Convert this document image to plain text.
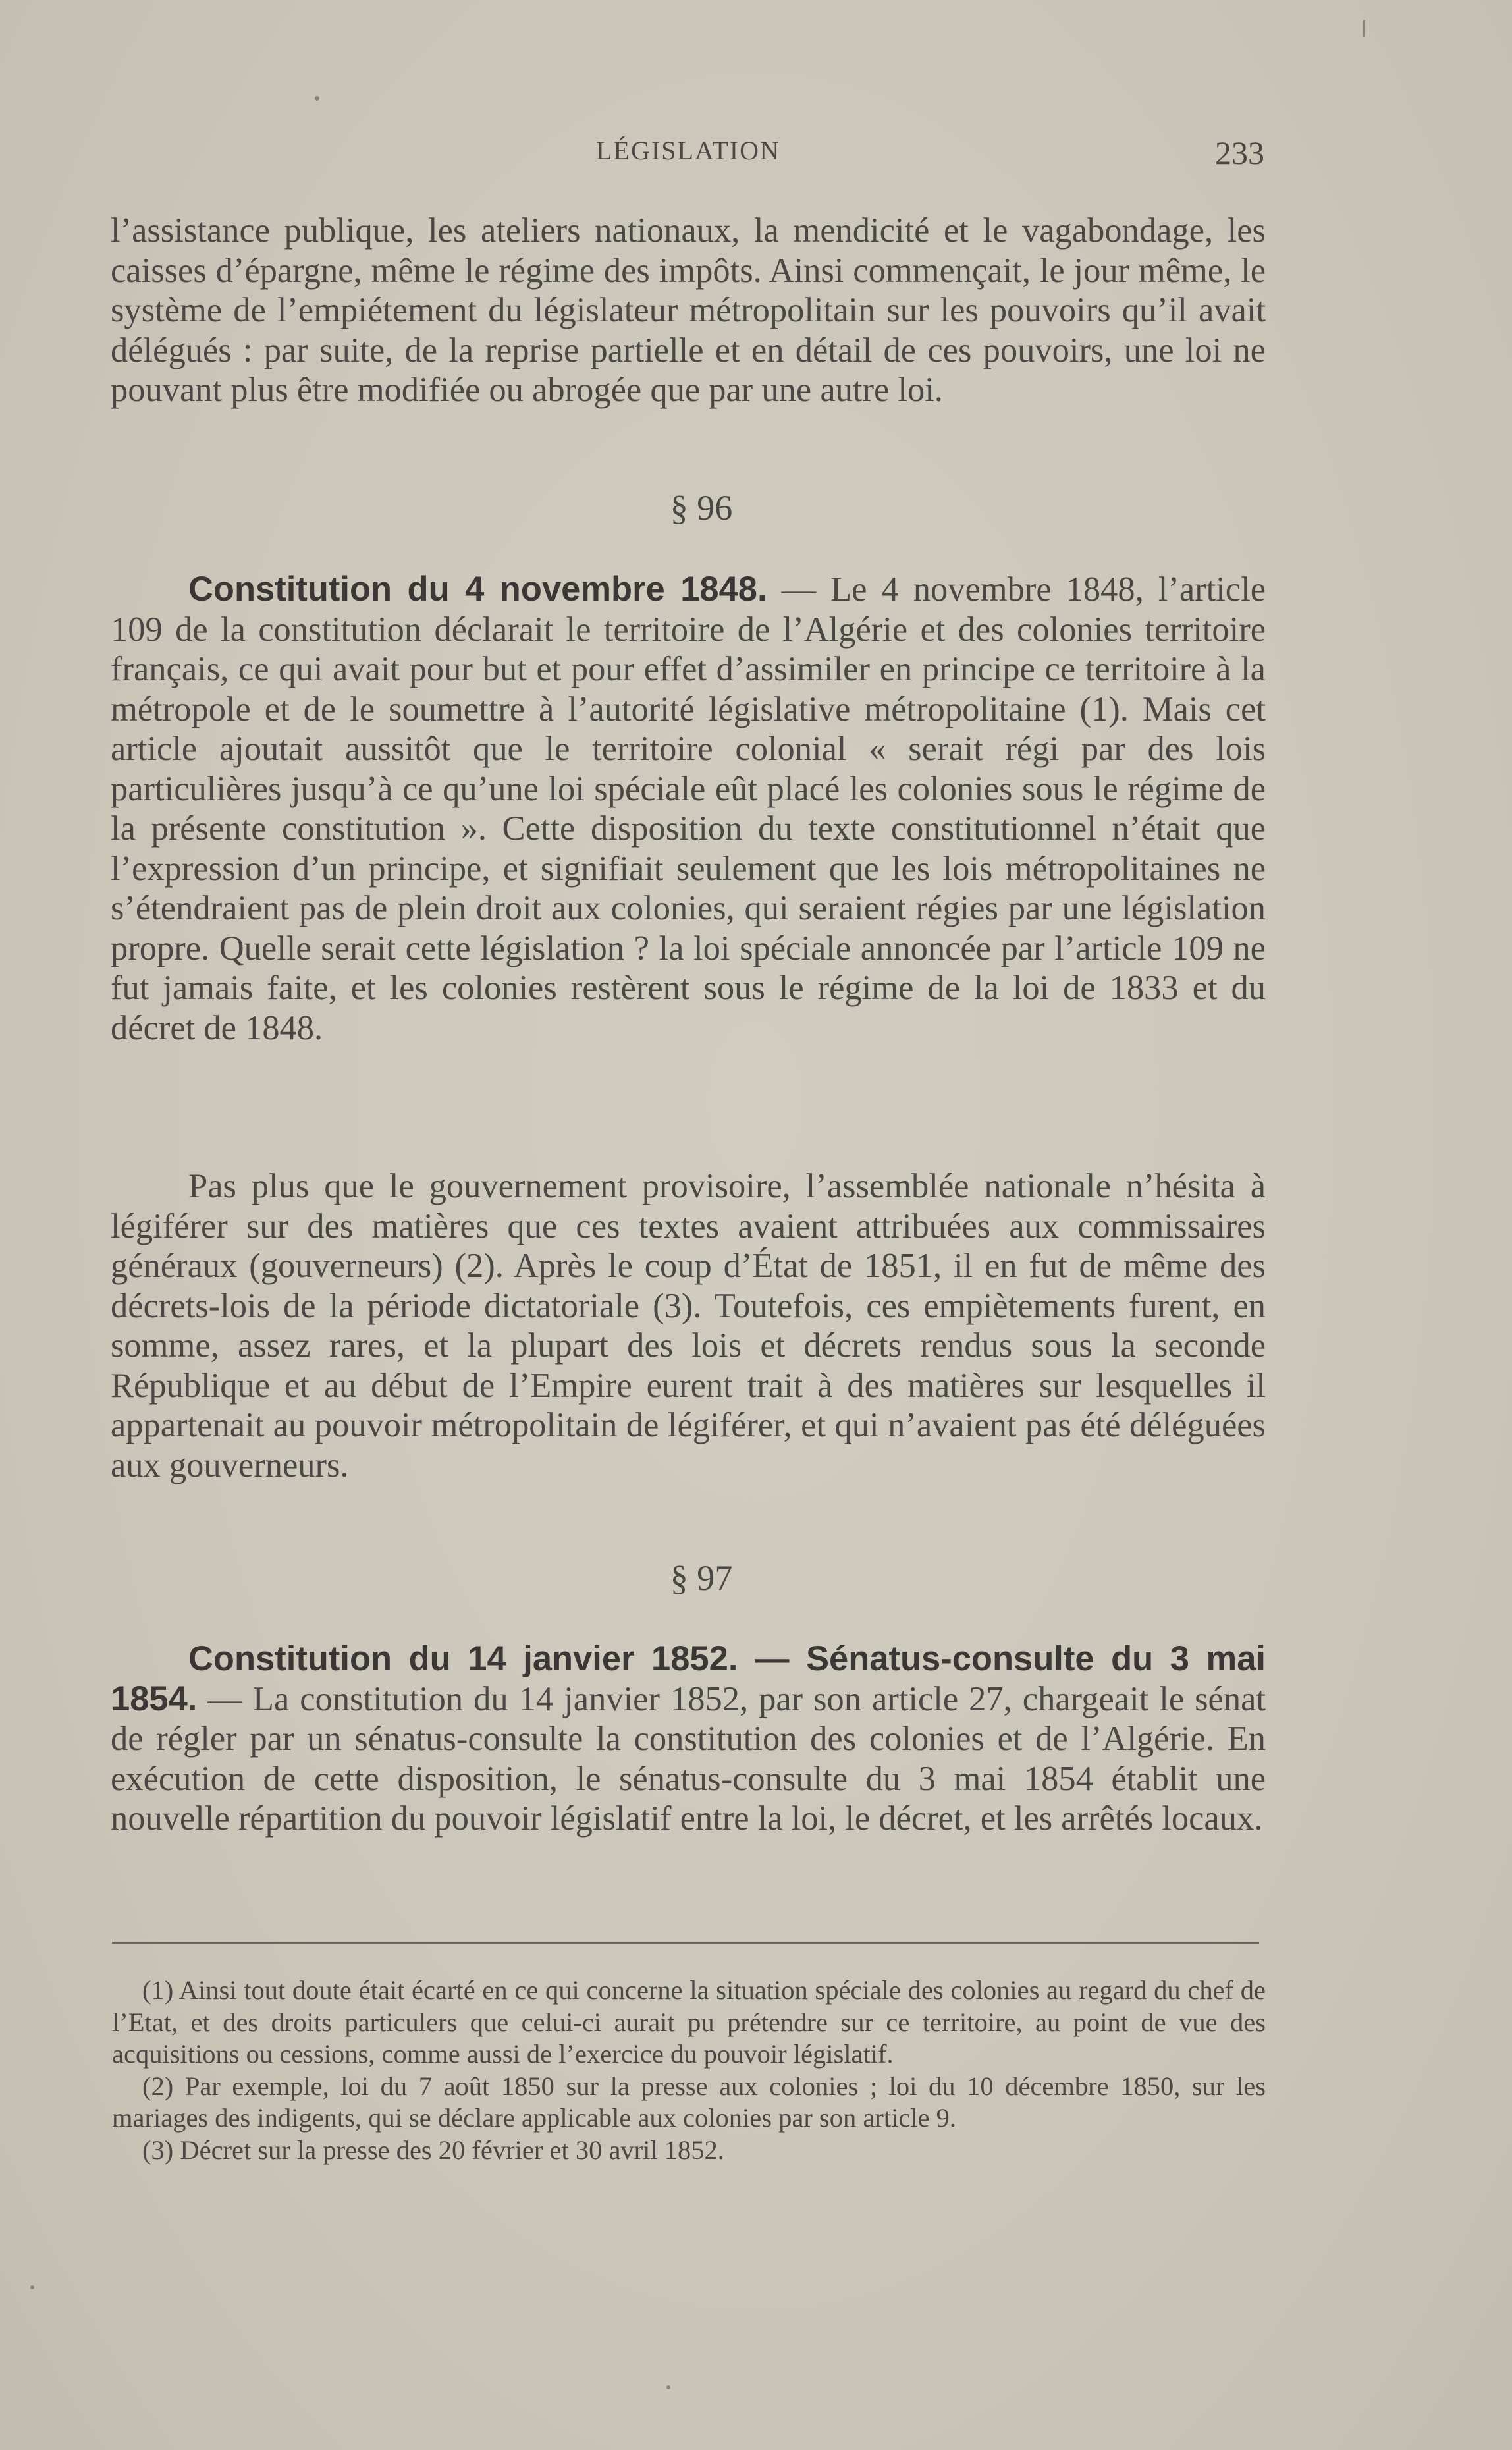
LÉGISLATION	233

l’assistance publique, les ateliers nationaux, la mendicité et le vagabondage, les caisses d’épargne, même le régime des impôts. Ainsi commençait, le jour même, le système de l’empiétement du législateur métropolitain sur les pouvoirs qu’il avait délégués : par suite, de la reprise partielle et en détail de ces pouvoirs, une loi ne pouvant plus être modifiée ou abrogée que par une autre loi.

§ 96

Constitution du 4 novembre 1848. — Le 4 novembre 1848, l’article 109 de la constitution déclarait le territoire de l’Algérie et des colonies territoire français, ce qui avait pour but et pour effet d’assimiler en principe ce territoire à la métropole et de le soumettre à l’autorité législative métropolitaine (1). Mais cet article ajoutait aussitôt que le territoire colonial « serait régi par des lois particulières jusqu’à ce qu’une loi spéciale eût placé les colonies sous le régime de la présente constitution ». Cette disposition du texte constitutionnel n’était que l’expression d’un principe, et signifiait seulement que les lois métropolitaines ne s’étendraient pas de plein droit aux colonies, qui seraient régies par une législation propre. Quelle serait cette législation ? la loi spéciale annoncée par l’article 109 ne fut jamais faite, et les colonies restèrent sous le régime de la loi de 1833 et du décret de 1848.

Pas plus que le gouvernement provisoire, l’assemblée nationale n’hésita à légiférer sur des matières que ces textes avaient attribuées aux commissaires généraux (gouverneurs) (2). Après le coup d’État de 1851, il en fut de même des décrets-lois de la période dictatoriale (3). Toutefois, ces empiètements furent, en somme, assez rares, et la plupart des lois et décrets rendus sous la seconde République et au début de l’Empire eurent trait à des matières sur lesquelles il appartenait au pouvoir métropolitain de légiférer, et qui n’avaient pas été déléguées aux gouverneurs.

§ 97

Constitution du 14 janvier 1852. — Sénatus-consulte du 3 mai 1854. — La constitution du 14 janvier 1852, par son article 27, chargeait le sénat de régler par un sénatus-consulte la constitution des colonies et de l’Algérie. En exécution de cette disposition, le sénatus-consulte du 3 mai 1854 établit une nouvelle répartition du pouvoir législatif entre la loi, le décret, et les arrêtés locaux.

(1) Ainsi tout doute était écarté en ce qui concerne la situation spéciale des colonies au regard du chef de l’Etat, et des droits particulers que celui-ci aurait pu prétendre sur ce territoire, au point de vue des acquisitions ou cessions, comme aussi de l’exercice du pouvoir législatif.

(2) Par exemple, loi du 7 août 1850 sur la presse aux colonies ; loi du 10 décembre 1850, sur les mariages des indigents, qui se déclare applicable aux colonies par son article 9.

(3) Décret sur la presse des 20 février et 30 avril 1852.
